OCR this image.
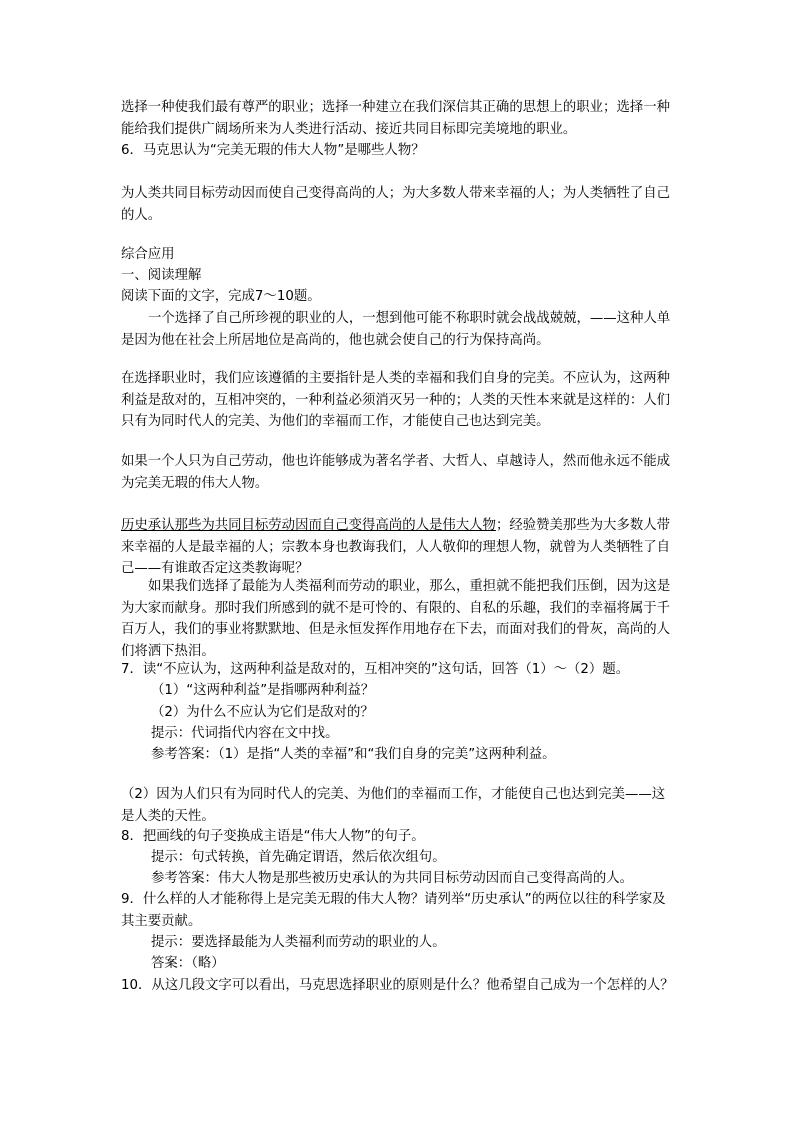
选择一种使我们最有尊严的职业；选择一种建立在我们深信其正确的思想上的职业；选择一种能给我们提供广阔场所来为人类进行活动、接近共同目标即完美境地的职业。

6．马克思认为“完美无瑕的伟大人物”是哪些人物？

为人类共同目标劳动因而使自己变得高尚的人；为大多数人带来幸福的人；为人类牺牲了自己的人。

综合应用

一、阅读理解

阅读下面的文字，完成7～10题。

一个选择了自己所珍视的职业的人，一想到他可能不称职时就会战战兢兢，——这种人单是因为他在社会上所居地位是高尚的，他也就会使自己的行为保持高尚。

在选择职业时，我们应该遵循的主要指针是人类的幸福和我们自身的完美。不应认为，这两种利益是敌对的，互相冲突的，一种利益必须消灭另一种的；人类的天性本来就是这样的：人们只有为同时代人的完美、为他们的幸福而工作，才能使自己也达到完美。

如果一个人只为自己劳动，他也许能够成为著名学者、大哲人、卓越诗人，然而他永远不能成为完美无瑕的伟大人物。

历史承认那些为共同目标劳动因而自己变得高尚的人是伟大人物；经验赞美那些为大多数人带来幸福的人是最幸福的人；宗教本身也教诲我们，人人敬仰的理想人物，就曾为人类牺牲了自己——有谁敢否定这类教诲呢？

如果我们选择了最能为人类福利而劳动的职业，那么，重担就不能把我们压倒，因为这是为大家而献身。那时我们所感到的就不是可怜的、有限的、自私的乐趣，我们的幸福将属于千百万人，我们的事业将默默地、但是永恒发挥作用地存在下去，而面对我们的骨灰，高尚的人们将洒下热泪。

7．读“不应认为，这两种利益是敌对的，互相冲突的”这句话，回答（1）～（2）题。

（1）“这两种利益”是指哪两种利益？

（2）为什么不应认为它们是敌对的？

提示：代词指代内容在文中找。

参考答案：（1）是指“人类的幸福”和“我们自身的完美”这两种利益。

（2）因为人们只有为同时代人的完美、为他们的幸福而工作，才能使自己也达到完美——这是人类的天性。

8．把画线的句子变换成主语是“伟大人物”的句子。

提示：句式转换，首先确定谓语，然后依次组句。

参考答案：伟大人物是那些被历史承认的为共同目标劳动因而自己变得高尚的人。

9．什么样的人才能称得上是完美无瑕的伟大人物？请列举“历史承认”的两位以往的科学家及其主要贡献。

提示：要选择最能为人类福利而劳动的职业的人。

答案：（略）

10．从这几段文字可以看出，马克思选择职业的原则是什么？他希望自己成为一个怎样的人？
